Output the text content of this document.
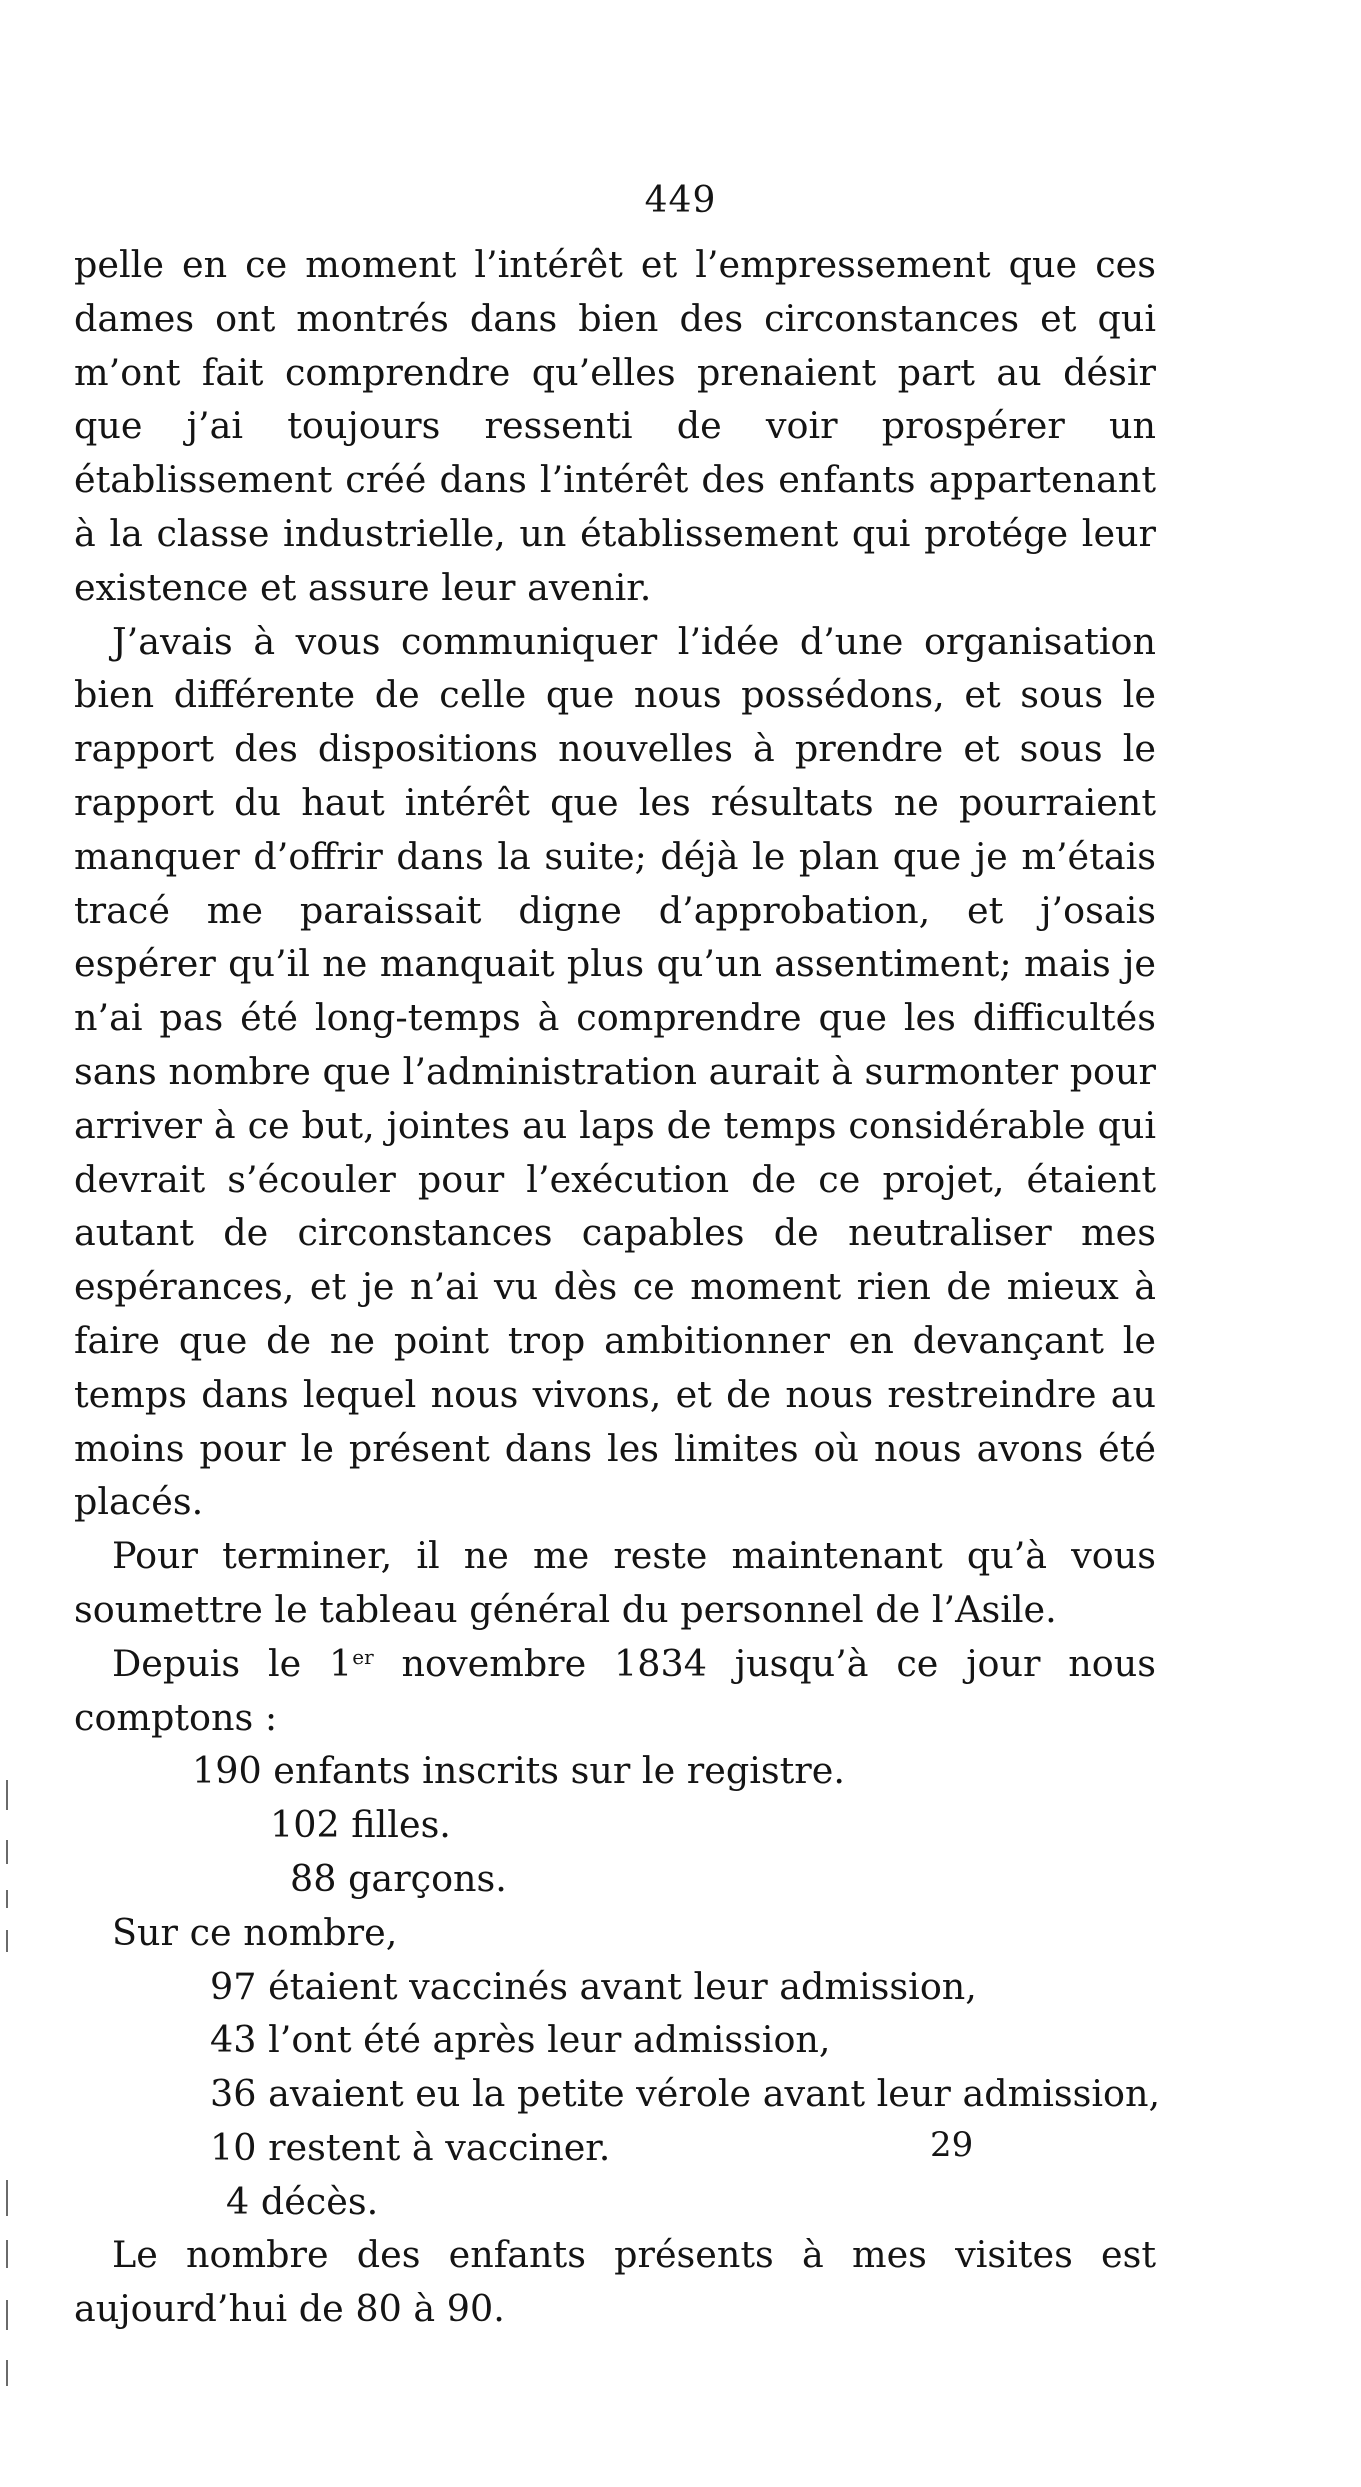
449

pelle en ce moment l’intérêt et l’empressement que ces dames ont montrés dans bien des circonstances et qui m’ont fait comprendre qu’elles prenaient part au désir que j’ai toujours ressenti de voir prospérer un établissement créé dans l’intérêt des enfants appartenant à la classe industrielle, un établissement qui protége leur existence et assure leur avenir.

J’avais à vous communiquer l’idée d’une organisation bien différente de celle que nous possédons, et sous le rapport des dispositions nouvelles à prendre et sous le rapport du haut intérêt que les résultats ne pourraient manquer d’offrir dans la suite; déjà le plan que je m’étais tracé me paraissait digne d’approbation, et j’osais espérer qu’il ne manquait plus qu’un assentiment; mais je n’ai pas été long-temps à comprendre que les difficultés sans nombre que l’administration aurait à surmonter pour arriver à ce but, jointes au laps de temps considérable qui devrait s’écouler pour l’exécution de ce projet, étaient autant de circonstances capables de neutraliser mes espérances, et je n’ai vu dès ce moment rien de mieux à faire que de ne point trop ambitionner en devançant le temps dans lequel nous vivons, et de nous restreindre au moins pour le présent dans les limites où nous avons été placés.

Pour terminer, il ne me reste maintenant qu’à vous soumettre le tableau général du personnel de l’Asile.

Depuis le 1er novembre 1834 jusqu’à ce jour nous comptons :

190 enfants inscrits sur le registre.

102 filles.

88 garçons.

Sur ce nombre,

97 étaient vaccinés avant leur admission,

43 l’ont été après leur admission,

36 avaient eu la petite vérole avant leur admission,

10 restent à vacciner.

4 décès.

Le nombre des enfants présents à mes visites est aujourd’hui de 80 à 90.

29
